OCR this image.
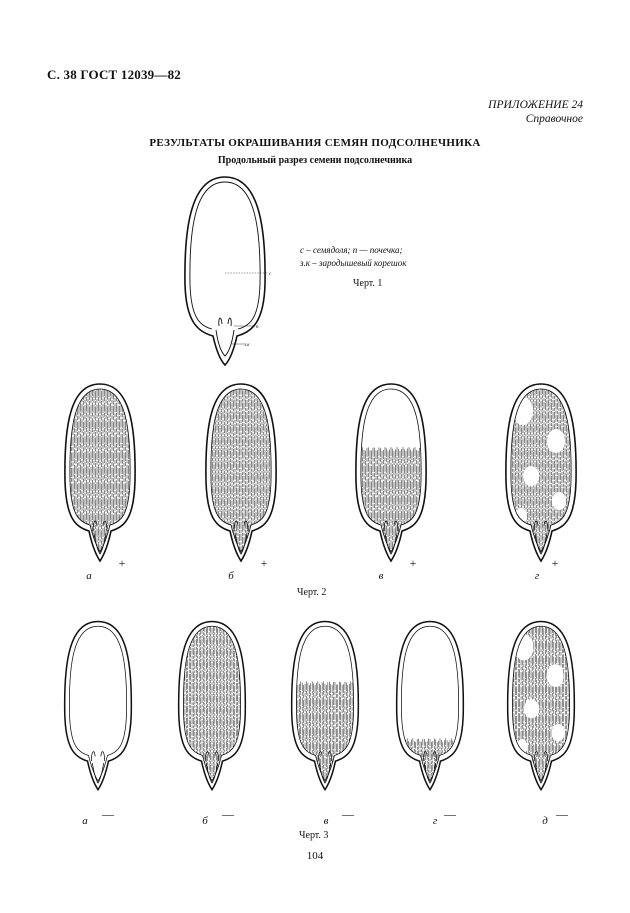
С. 38 ГОСТ 12039—82
ПРИЛОЖЕНИЕ 24
Справочное
РЕЗУЛЬТАТЫ ОКРАШИВАНИЯ СЕМЯН ПОДСОЛНЕЧНИКА
Продольный разрез семени подсолнечника
с
п
з.к
с – семядоля; п — почечка;
з.к – зародышевый корешок
Черт. 1
а
+
б
+
в
+
г
+
Черт. 2
а	—	б	—	в	—	г —	д —
Черт. 3
104
